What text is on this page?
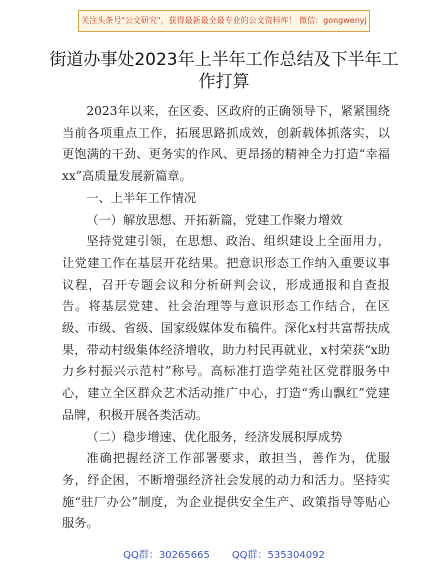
关注头条号"公文研究"，获得最新最全最专业的公文资料库！ 微信：gongwenyj
街道办事处2023年上半年工作总结及下半年工作打算

2023年以来，在区委、区政府的正确领导下，紧紧围绕当前各项重点工作，拓展思路抓成效，创新载体抓落实，以更饱满的干劲、更务实的作风、更昂扬的精神全力打造“幸福xx”高质量发展新篇章。

一、上半年工作情况

（一）解放思想、开拓新篇，党建工作聚力增效

坚持党建引领，在思想、政治、组织建设上全面用力，让党建工作在基层开花结果。把意识形态工作纳入重要议事议程，召开专题会议和分析研判会议，形成通报和自查报告。将基层党建、社会治理等与意识形态工作结合，在区级、市级、省级、国家级媒体发布稿件。深化x村共富帮扶成果，带动村级集体经济增收，助力村民再就业，x村荣获“x助力乡村振兴示范村”称号。高标准打造学苑社区党群服务中心，建立全区群众艺术活动推广中心，打造“秀山飘红”党建品牌，积极开展各类活动。

（二）稳步增速、优化服务，经济发展积厚成势

准确把握经济工作部署要求，敢担当，善作为，优服务，纾企困，不断增强经济社会发展的动力和活力。坚持实施“驻厂办公”制度，为企业提供安全生产、政策指导等贴心服务。

QQ群：30265665 QQ群：535304092
